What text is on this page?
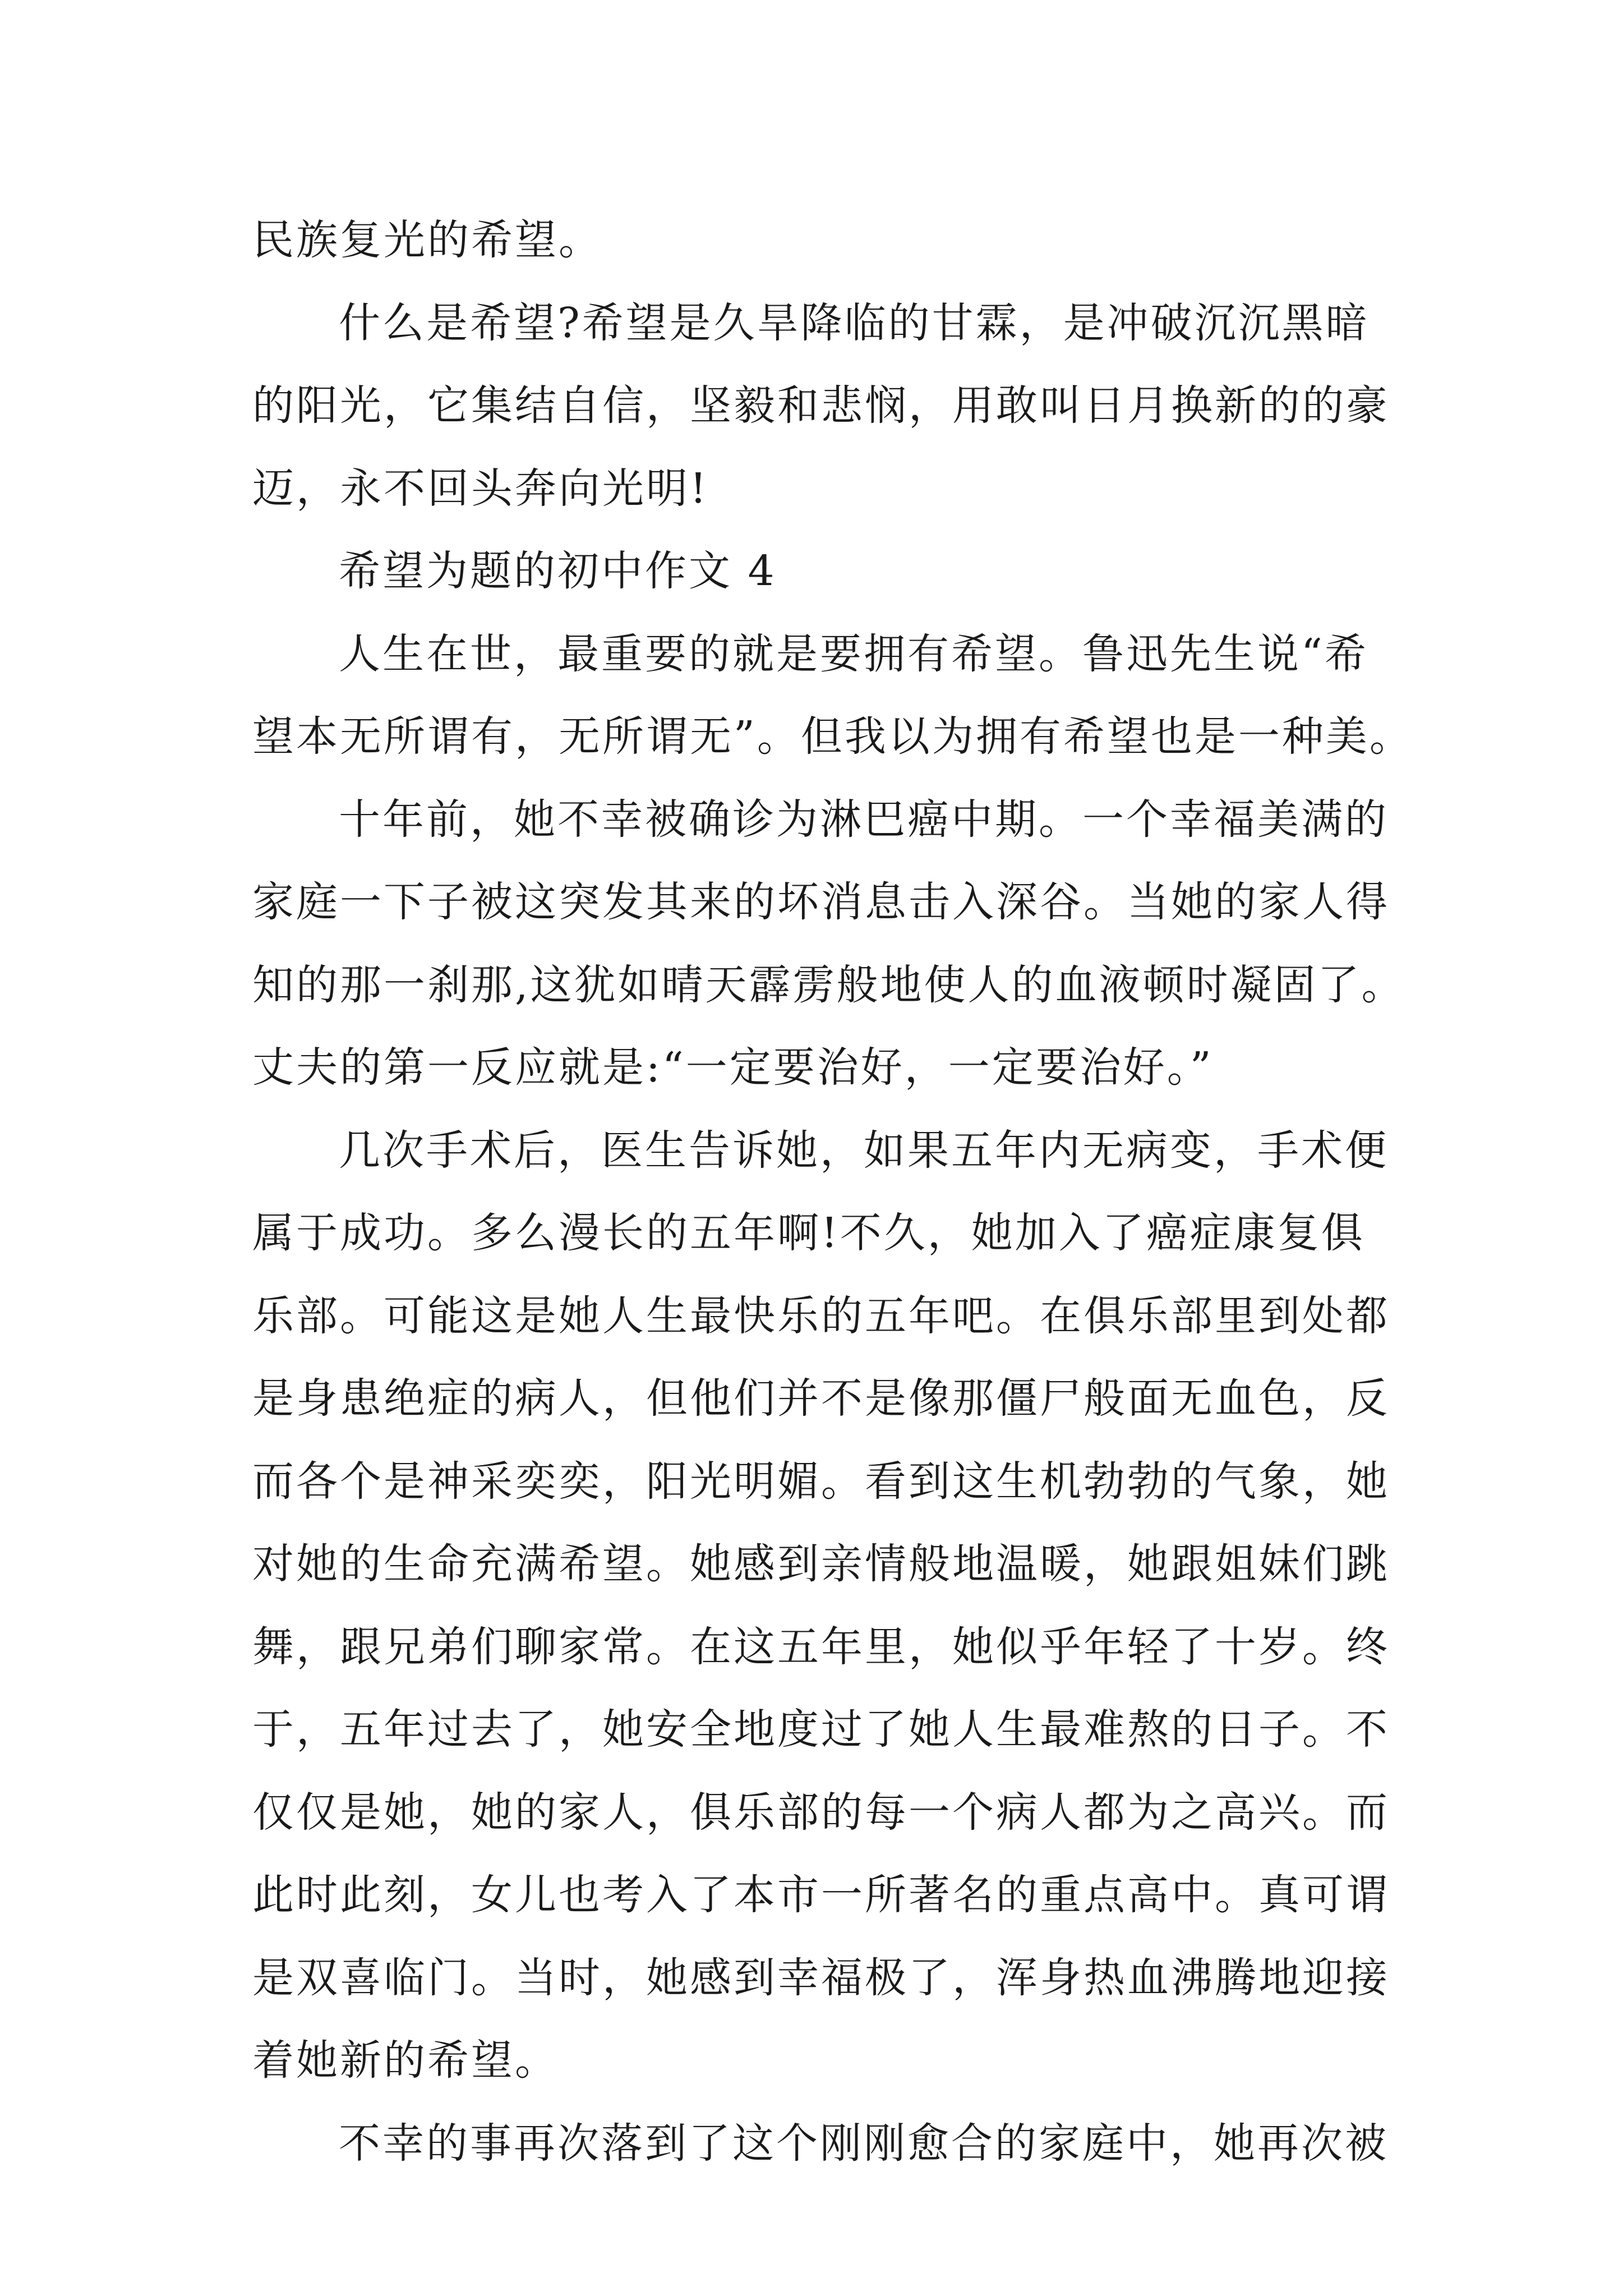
民族复光的希望。
什么是希望?希望是久旱降临的甘霖，是冲破沉沉黑暗
的阳光，它集结自信，坚毅和悲悯，用敢叫日月换新的的豪
迈，永不回头奔向光明!
希望为题的初中作文 4
人生在世，最重要的就是要拥有希望。鲁迅先生说“希
望本无所谓有，无所谓无”。但我以为拥有希望也是一种美。
十年前，她不幸被确诊为淋巴癌中期。一个幸福美满的
家庭一下子被这突发其来的坏消息击入深谷。当她的家人得
知的那一刹那,这犹如晴天霹雳般地使人的血液顿时凝固了。
丈夫的第一反应就是:“一定要治好，一定要治好。”
几次手术后，医生告诉她，如果五年内无病变，手术便
属于成功。多么漫长的五年啊!不久，她加入了癌症康复俱
乐部。可能这是她人生最快乐的五年吧。在俱乐部里到处都
是身患绝症的病人，但他们并不是像那僵尸般面无血色，反
而各个是神采奕奕，阳光明媚。看到这生机勃勃的气象，她
对她的生命充满希望。她感到亲情般地温暖，她跟姐妹们跳
舞，跟兄弟们聊家常。在这五年里，她似乎年轻了十岁。终
于，五年过去了，她安全地度过了她人生最难熬的日子。不
仅仅是她，她的家人，俱乐部的每一个病人都为之高兴。而
此时此刻，女儿也考入了本市一所著名的重点高中。真可谓
是双喜临门。当时，她感到幸福极了，浑身热血沸腾地迎接
着她新的希望。
不幸的事再次落到了这个刚刚愈合的家庭中，她再次被
